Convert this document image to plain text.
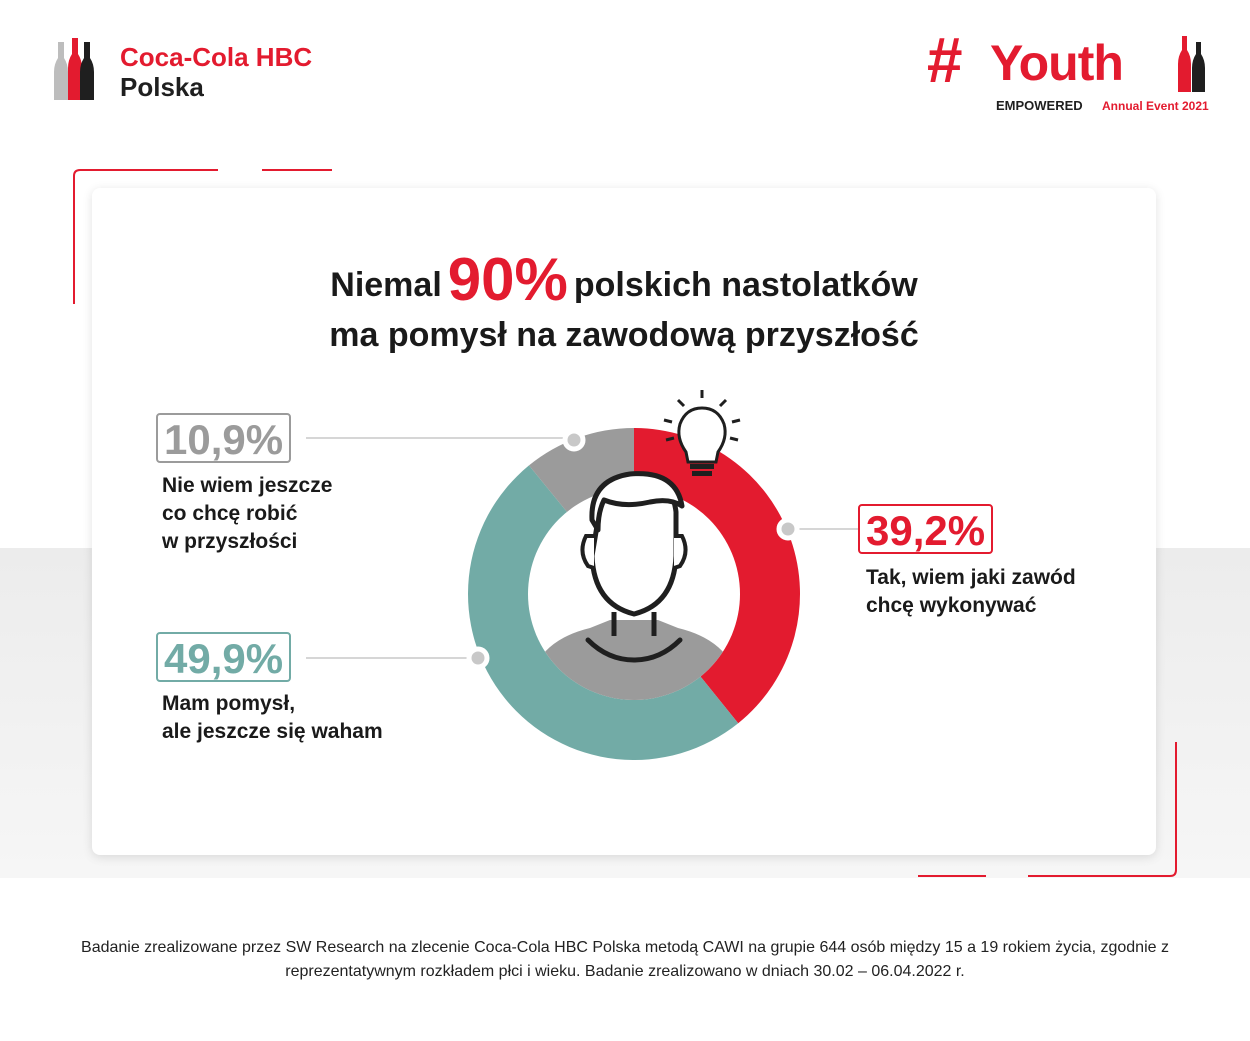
Coca-Cola HBC
Polska	# Youth
EMPOWERED Annual Event 2021
Niemal 90% polskich nastolatków
ma pomysł na zawodową przyszłość
10,9%
Nie wiem jeszcze
co chcę robić
w przyszłości
49,9%
Mam pomysł,
ale jeszcze się waham
39,2%
Tak, wiem jaki zawód
chcę wykonywać
Badanie zrealizowane przez SW Research na zlecenie Coca-Cola HBC Polska metodą CAWI na grupie 644 osób między 15 a 19 rokiem życia, zgodnie z reprezentatywnym rozkładem płci i wieku. Badanie zrealizowano w dniach 30.02 – 06.04.2022 r.
